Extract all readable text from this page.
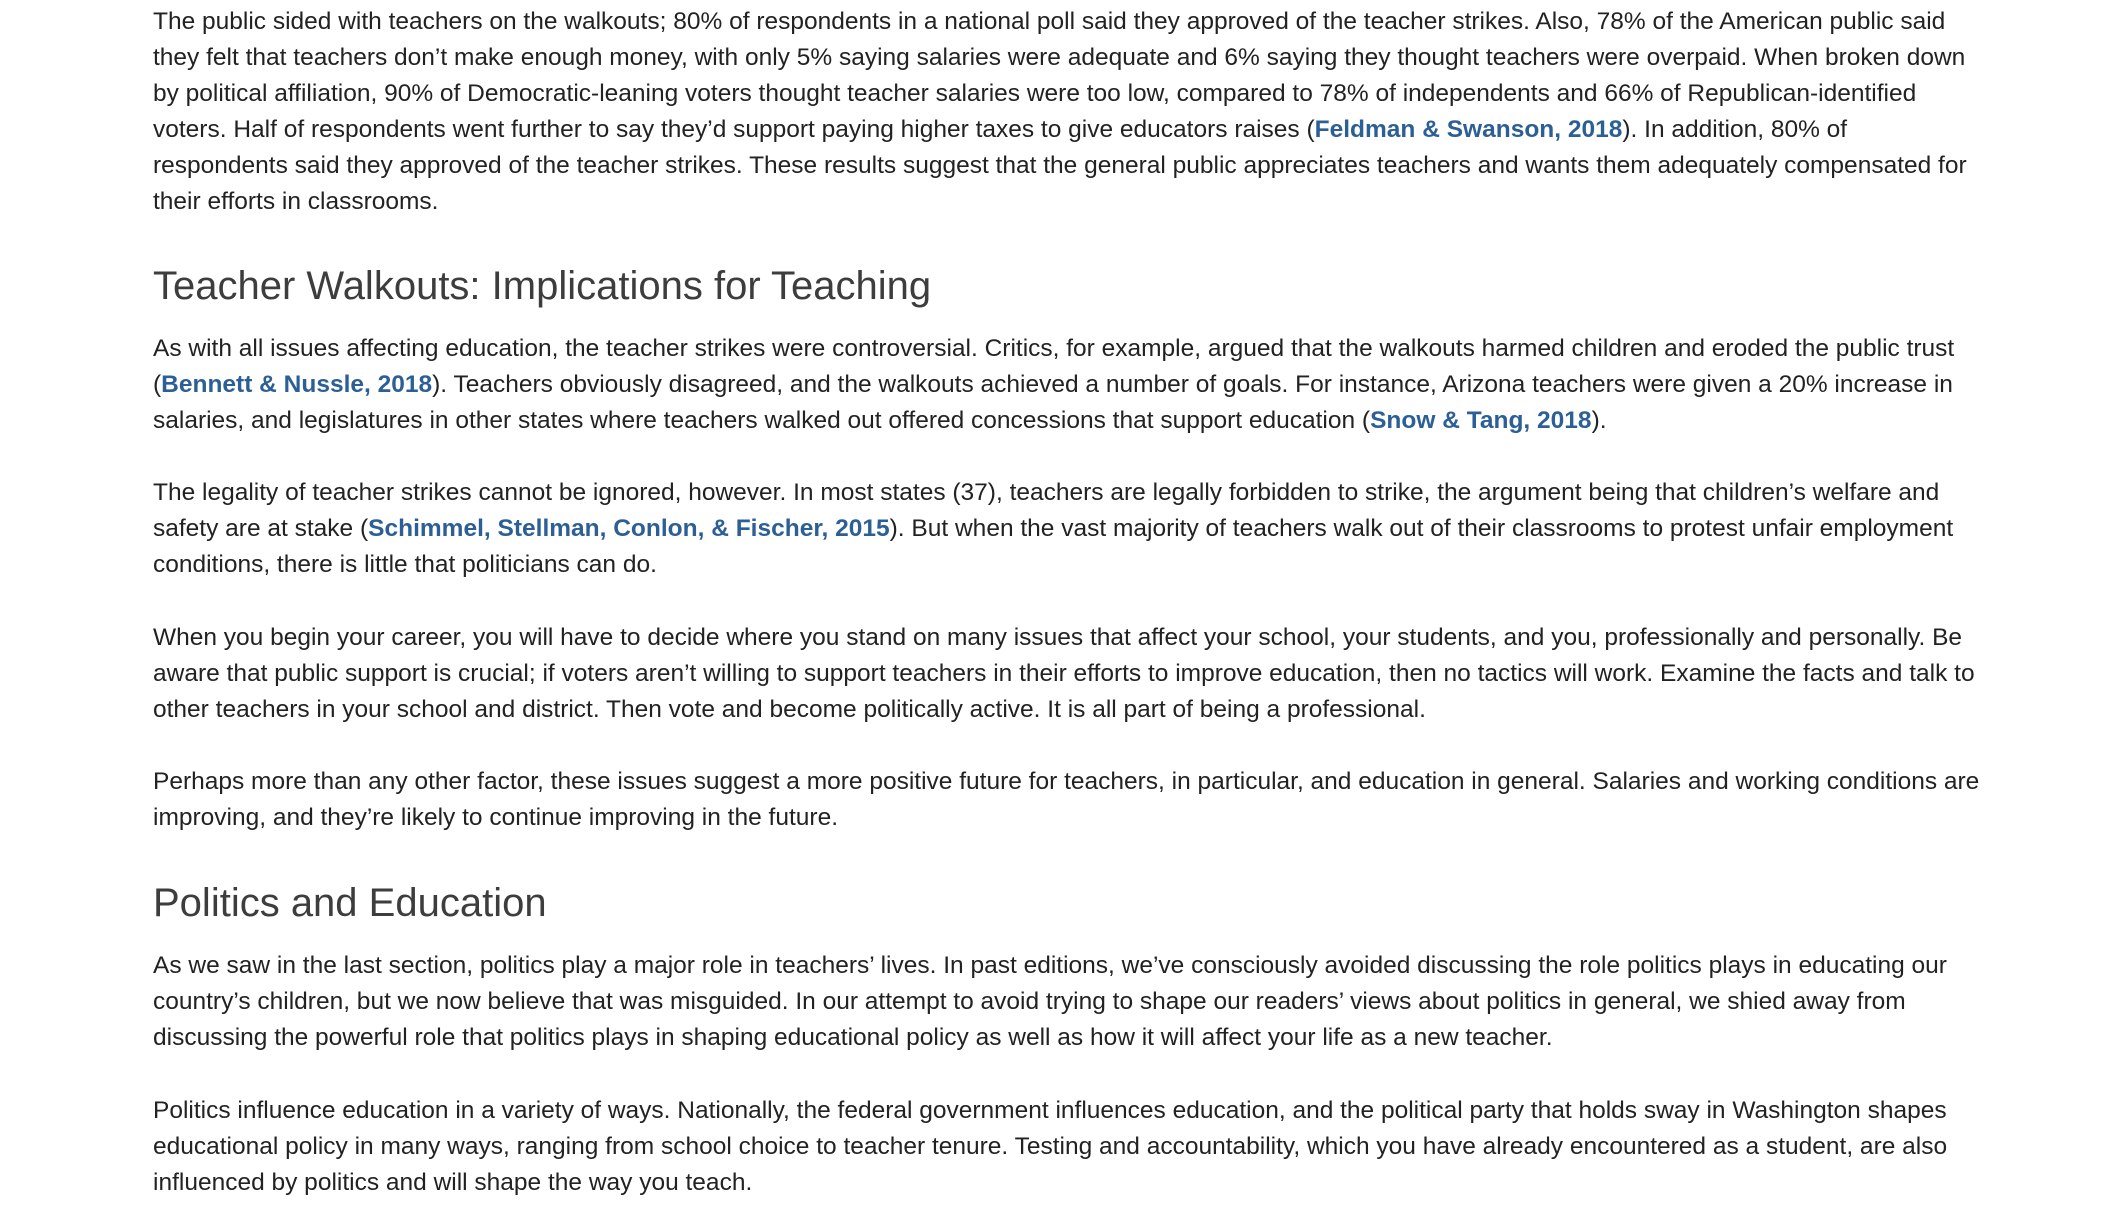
The public sided with teachers on the walkouts; 80% of respondents in a national poll said they approved of the teacher strikes. Also, 78% of the American public said they felt that teachers don’t make enough money, with only 5% saying salaries were adequate and 6% saying they thought teachers were overpaid. When broken down by political affiliation, 90% of Democratic-leaning voters thought teacher salaries were too low, compared to 78% of independents and 66% of Republican-identified voters. Half of respondents went further to say they’d support paying higher taxes to give educators raises (Feldman & Swanson, 2018). In addition, 80% of respondents said they approved of the teacher strikes. These results suggest that the general public appreciates teachers and wants them adequately compensated for their efforts in classrooms.

Teacher Walkouts: Implications for Teaching

As with all issues affecting education, the teacher strikes were controversial. Critics, for example, argued that the walkouts harmed children and eroded the public trust (Bennett & Nussle, 2018). Teachers obviously disagreed, and the walkouts achieved a number of goals. For instance, Arizona teachers were given a 20% increase in salaries, and legislatures in other states where teachers walked out offered concessions that support education (Snow & Tang, 2018).

The legality of teacher strikes cannot be ignored, however. In most states (37), teachers are legally forbidden to strike, the argument being that children’s welfare and safety are at stake (Schimmel, Stellman, Conlon, & Fischer, 2015). But when the vast majority of teachers walk out of their classrooms to protest unfair employment conditions, there is little that politicians can do.

When you begin your career, you will have to decide where you stand on many issues that affect your school, your students, and you, professionally and personally. Be aware that public support is crucial; if voters aren’t willing to support teachers in their efforts to improve education, then no tactics will work. Examine the facts and talk to other teachers in your school and district. Then vote and become politically active. It is all part of being a professional.

Perhaps more than any other factor, these issues suggest a more positive future for teachers, in particular, and education in general. Salaries and working conditions are improving, and they’re likely to continue improving in the future.

Politics and Education

As we saw in the last section, politics play a major role in teachers’ lives. In past editions, we’ve consciously avoided discussing the role politics plays in educating our country’s children, but we now believe that was misguided. In our attempt to avoid trying to shape our readers’ views about politics in general, we shied away from discussing the powerful role that politics plays in shaping educational policy as well as how it will affect your life as a new teacher.

Politics influence education in a variety of ways. Nationally, the federal government influences education, and the political party that holds sway in Washington shapes educational policy in many ways, ranging from school choice to teacher tenure. Testing and accountability, which you have already encountered as a student, are also influenced by politics and will shape the way you teach.
